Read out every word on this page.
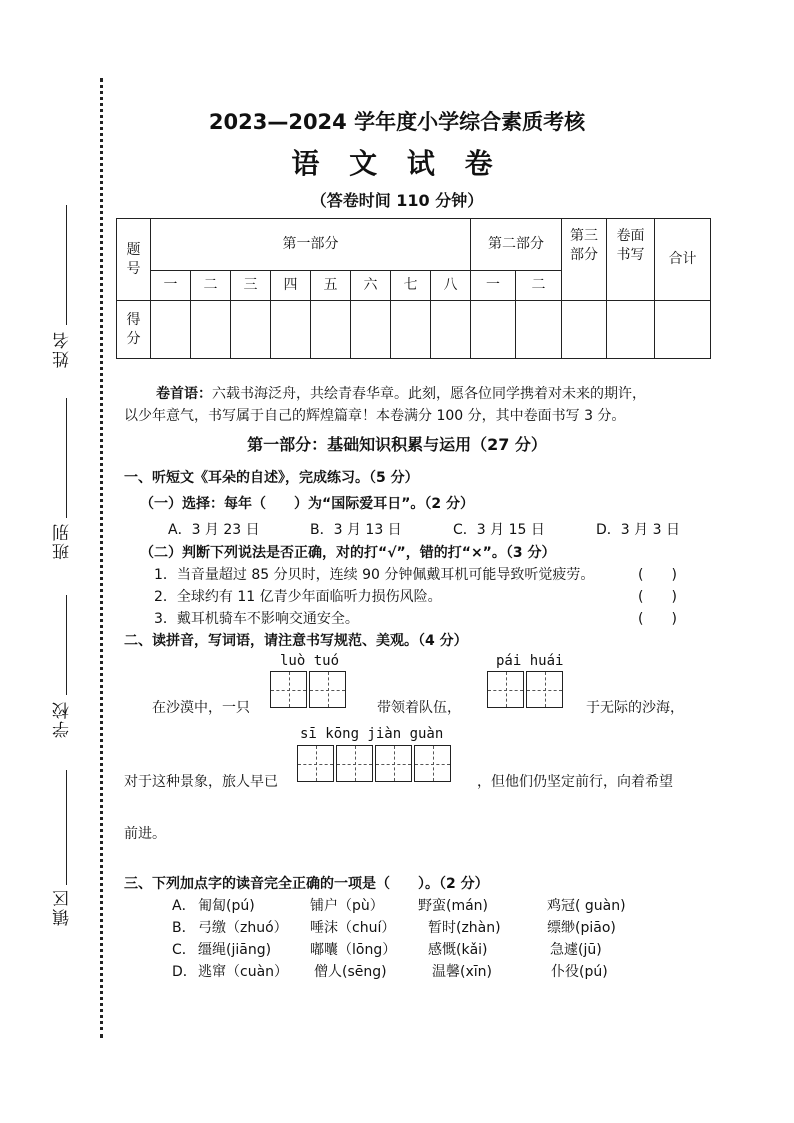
姓名
班别
学校
镇区
2023—2024 学年度小学综合素质考核
语 文 试 卷
（答卷时间 110 分钟）
题号	第一部分								第二部分		第三部分	卷面书写	合计
	一	二	三	四	五	六	七	八	一	二			
得分													
卷首语：六载书海泛舟，共绘青春华章。此刻，愿各位同学携着对未来的期许，
以少年意气，书写属于自己的辉煌篇章！本卷满分 100 分，其中卷面书写 3 分。
第一部分：基础知识积累与运用（27 分）
一、听短文《耳朵的自述》，完成练习。（5 分）
（一）选择：每年（　　）为“国际爱耳日”。（2 分）
A．3 月 23 日	B．3 月 13 日	C．3 月 15 日	D．3 月 3 日
（二）判断下列说法是否正确，对的打“√”，错的打“×”。（3 分）
1．当音量超过 85 分贝时，连续 90 分钟佩戴耳机可能导致听觉疲劳。	(　　)
2．全球约有 11 亿青少年面临听力损伤风险。	(　　)
3．戴耳机骑车不影响交通安全。	(　　)
二、读拼音，写词语，请注意书写规范、美观。（4 分）
luò tuó	pái huái
在沙漠中，一只	带领着队伍，	于无际的沙海，
sī kōng jiàn guàn
对于这种景象，旅人早已	，但他们仍坚定前行，向着希望
前进。
三、下列加点字的读音完全正确的一项是（　　）。（2 分）
A． 匍匐(pú)	铺户（pù） 野蛮(mán)	鸡冠( guàn)
B． 弓缴（zhuó） 唾沫（chuí） 暂时(zhàn)	缥缈(piāo)
C． 缰绳(jiāng)	嘟囔（lōng） 感慨(kǎi)	急遽(jū)
D． 逃窜（cuàn） 僧人(sēng)	温馨(xīn)	仆役(pú)
